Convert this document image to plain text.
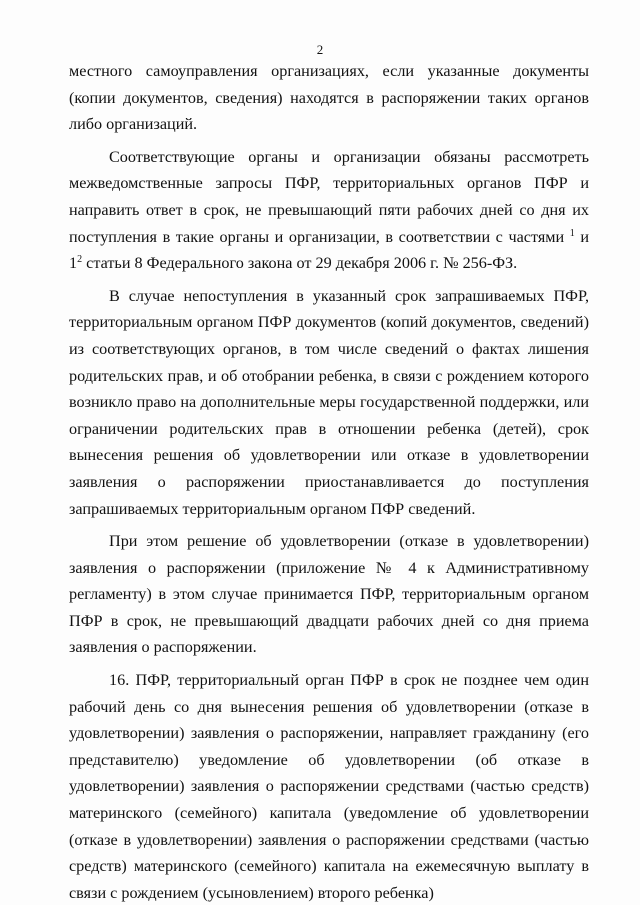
2

местного самоуправления организациях, если указанные документы (копии документов, сведения) находятся в распоряжении таких органов либо организаций.

Соответствующие органы и организации обязаны рассмотреть межведомственные запросы ПФР, территориальных органов ПФР и направить ответ в срок, не превышающий пяти рабочих дней со дня их поступления в такие органы и организации, в соответствии с частями $^1$ и $1^2$ статьи 8 Федерального закона от 29 декабря 2006 г. № 256-ФЗ.

В случае непоступления в указанный срок запрашиваемых ПФР, территориальным органом ПФР документов (копий документов, сведений) из соответствующих органов, в том числе сведений о фактах лишения родительских прав, и об отобрании ребенка, в связи с рождением которого возникло право на дополнительные меры государственной поддержки, или ограничении родительских прав в отношении ребенка (детей), срок вынесения решения об удовлетворении или отказе в удовлетворении заявления о распоряжении приостанавливается до поступления запрашиваемых территориальным органом ПФР сведений.

При этом решение об удовлетворении (отказе в удовлетворении) заявления о распоряжении (приложение № 4 к Административному регламенту) в этом случае принимается ПФР, территориальным органом ПФР в срок, не превышающий двадцати рабочих дней со дня приема заявления о распоряжении.

16. ПФР, территориальный орган ПФР в срок не позднее чем один рабочий день со дня вынесения решения об удовлетворении (отказе в удовлетворении) заявления о распоряжении, направляет гражданину (его представителю) уведомление об удовлетворении (об отказе в удовлетворении) заявления о распоряжении средствами (частью средств) материнского (семейного) капитала (уведомление об удовлетворении (отказе в удовлетворении) заявления о распоряжении средствами (частью средств) материнского (семейного) капитала на ежемесячную выплату в связи с рождением (усыновлением) второго ребенка)
